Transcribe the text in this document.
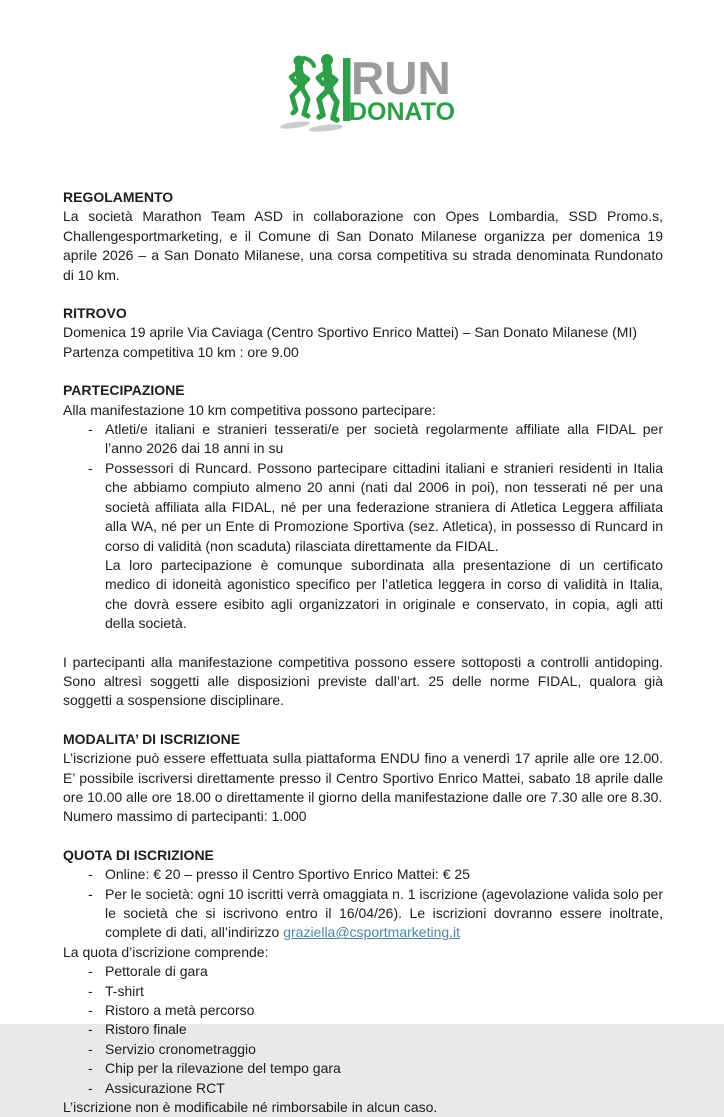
RUN
DONATO

REGOLAMENTO

La società Marathon Team ASD in collaborazione con Opes Lombardia, SSD Promo.s, Challengesportmarketing, e il Comune di San Donato Milanese organizza per domenica 19 aprile 2026 – a San Donato Milanese, una corsa competitiva su strada denominata Rundonato di 10 km.

RITROVO

Domenica 19 aprile Via Caviaga (Centro Sportivo Enrico Mattei) – San Donato Milanese (MI)

Partenza competitiva 10 km : ore 9.00

PARTECIPAZIONE

Alla manifestazione 10 km competitiva possono partecipare:

- Atleti/e italiani e stranieri tesserati/e per società regolarmente affiliate alla FIDAL per l’anno 2026 dai 18 anni in su
- Possessori di Runcard. Possono partecipare cittadini italiani e stranieri residenti in Italia che abbiamo compiuto almeno 20 anni (nati dal 2006 in poi), non tesserati né per una società affiliata alla FIDAL, né per una federazione straniera di Atletica Leggera affiliata alla WA, né per un Ente di Promozione Sportiva (sez. Atletica), in possesso di Runcard in corso di validità (non scaduta) rilasciata direttamente da FIDAL.

La loro partecipazione è comunque subordinata alla presentazione di un certificato medico di idoneità agonistico specifico per l’atletica leggera in corso di validità in Italia, che dovrà essere esibito agli organizzatori in originale e conservato, in copia, agli atti della società.

I partecipanti alla manifestazione competitiva possono essere sottoposti a controlli antidoping. Sono altresì soggetti alle disposizioni previste dall’art. 25 delle norme FIDAL, qualora già soggetti a sospensione disciplinare.

MODALITA’ DI ISCRIZIONE

L’iscrizione può essere effettuata sulla piattaforma ENDU fino a venerdì 17 aprile alle ore 12.00. E’ possibile iscriversi direttamente presso il Centro Sportivo Enrico Mattei, sabato 18 aprile dalle ore 10.00 alle ore 18.00 o direttamente il giorno della manifestazione dalle ore 7.30 alle ore 8.30.

Numero massimo di partecipanti: 1.000

QUOTA DI ISCRIZIONE

- Online: € 20 – presso il Centro Sportivo Enrico Mattei: € 25
- Per le società: ogni 10 iscritti verrà omaggiata n. 1 iscrizione (agevolazione valida solo per le società che si iscrivono entro il 16/04/26). Le iscrizioni dovranno essere inoltrate, complete di dati, all’indirizzo graziella@csportmarketing.it

La quota d’iscrizione comprende:

- Pettorale di gara
- T-shirt
- Ristoro a metà percorso
- Ristoro finale
- Servizio cronometraggio
- Chip per la rilevazione del tempo gara
- Assicurazione RCT

L’iscrizione non è modificabile né rimborsabile in alcun caso.
